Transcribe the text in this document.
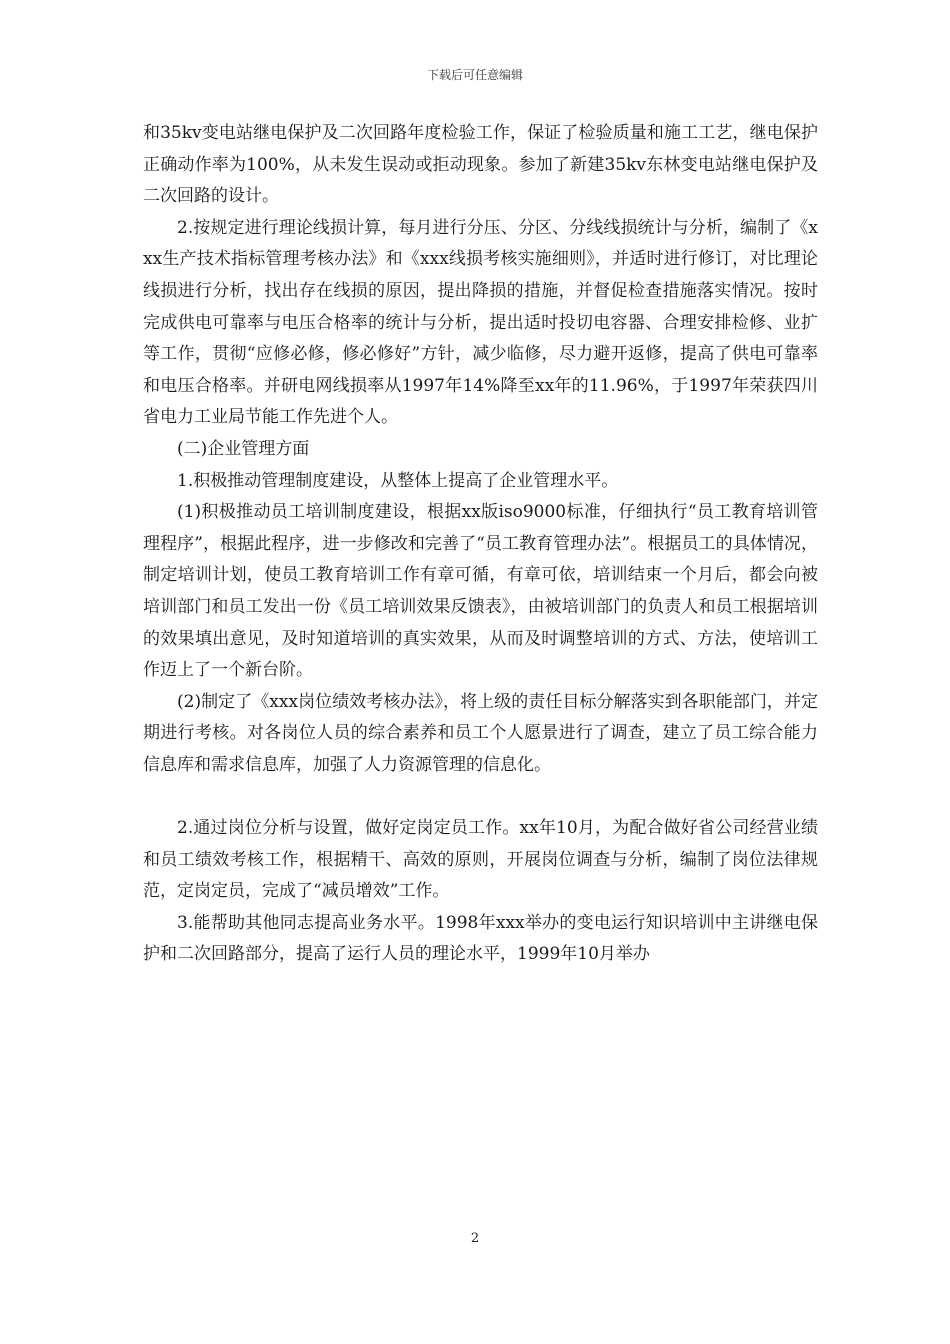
下载后可任意编辑

和35kv变电站继电保护及二次回路年度检验工作，保证了检验质量和施工工艺，继电保护正确动作率为100%，从未发生误动或拒动现象。参加了新建35kv东林变电站继电保护及二次回路的设计。

2.按规定进行理论线损计算，每月进行分压、分区、分线线损统计与分析，编制了《xxx生产技术指标管理考核办法》和《xxx线损考核实施细则》，并适时进行修订，对比理论线损进行分析，找出存在线损的原因，提出降损的措施，并督促检查措施落实情况。按时完成供电可靠率与电压合格率的统计与分析，提出适时投切电容器、合理安排检修、业扩等工作，贯彻“应修必修，修必修好”方针，减少临修，尽力避开返修，提高了供电可靠率和电压合格率。并研电网线损率从1997年14%降至xx年的11.96%，于1997年荣获四川省电力工业局节能工作先进个人。

(二)企业管理方面

1.积极推动管理制度建设，从整体上提高了企业管理水平。

(1)积极推动员工培训制度建设，根据xx版iso9000标准，仔细执行“员工教育培训管理程序”，根据此程序，进一步修改和完善了“员工教育管理办法”。根据员工的具体情况，制定培训计划，使员工教育培训工作有章可循，有章可依，培训结束一个月后，都会向被培训部门和员工发出一份《员工培训效果反馈表》，由被培训部门的负责人和员工根据培训的效果填出意见，及时知道培训的真实效果，从而及时调整培训的方式、方法，使培训工作迈上了一个新台阶。

(2)制定了《xxx岗位绩效考核办法》，将上级的责任目标分解落实到各职能部门，并定期进行考核。对各岗位人员的综合素养和员工个人愿景进行了调查，建立了员工综合能力信息库和需求信息库，加强了人力资源管理的信息化。

2.通过岗位分析与设置，做好定岗定员工作。xx年10月，为配合做好省公司经营业绩和员工绩效考核工作，根据精干、高效的原则，开展岗位调查与分析，编制了岗位法律规范，定岗定员，完成了“减员增效”工作。

3.能帮助其他同志提高业务水平。1998年xxx举办的变电运行知识培训中主讲继电保护和二次回路部分，提高了运行人员的理论水平，1999年10月举办

2
